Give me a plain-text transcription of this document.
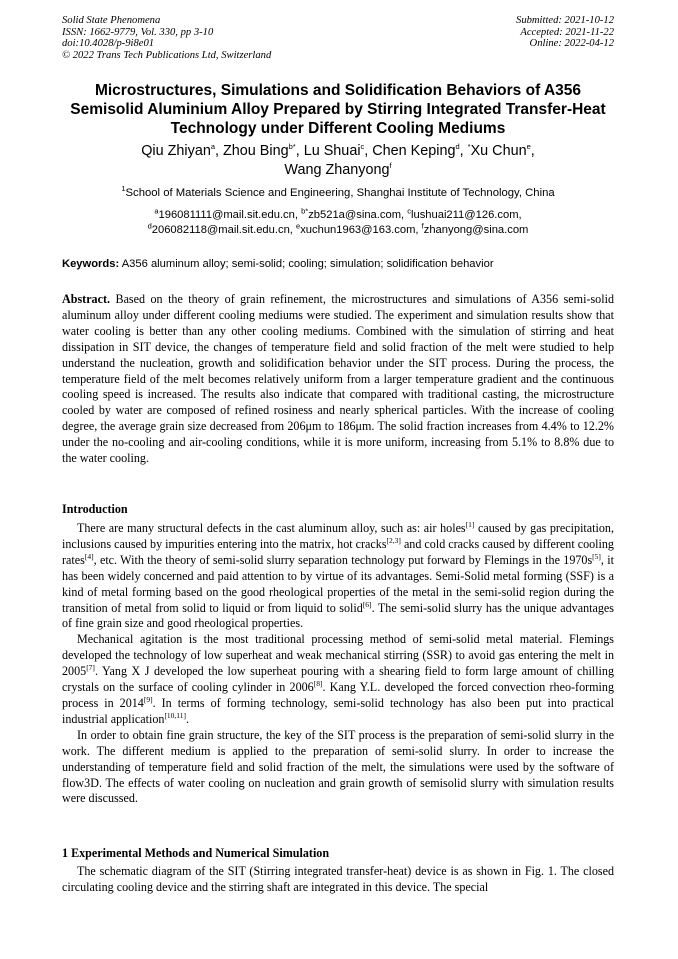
Solid State Phenomena
ISSN: 1662-9779, Vol. 330, pp 3-10
doi:10.4028/p-9i8e01
© 2022 Trans Tech Publications Ltd, Switzerland
Submitted: 2021-10-12
Accepted: 2021-11-22
Online: 2022-04-12
Microstructures, Simulations and Solidification Behaviors of A356
Semisolid Aluminium Alloy Prepared by Stirring Integrated Transfer-Heat
Technology under Different Cooling Mediums
Qiu Zhiyan$^a$, Zhou Bing$^{b*}$, Lu Shuai$^c$, Chen Keping$^d$, *Xu Chun$^e$,
Wang Zhanyong$^f$
$^1$School of Materials Science and Engineering, Shanghai Institute of Technology, China
$^a$196081111@mail.sit.edu.cn, $^{b*}$zb521a@sina.com, $^c$lushuai211@126.com,
$^d$206082118@mail.sit.edu.cn, $^e$xuchun1963@163.com, $^f$zhanyong@sina.com
Keywords: A356 aluminum alloy; semi-solid; cooling; simulation; solidification behavior

Abstract. Based on the theory of grain refinement, the microstructures and simulations of A356 semi-solid aluminum alloy under different cooling mediums were studied. The experiment and simulation results show that water cooling is better than any other cooling mediums. Combined with the simulation of stirring and heat dissipation in SIT device, the changes of temperature field and solid fraction of the melt were studied to help understand the nucleation, growth and solidification behavior under the SIT process. During the process, the temperature field of the melt becomes relatively uniform from a larger temperature gradient and the continuous cooling speed is increased. The results also indicate that compared with traditional casting, the microstructure cooled by water are composed of refined rosiness and nearly spherical particles. With the increase of cooling degree, the average grain size decreased from 206μm to 186μm. The solid fraction increases from 4.4% to 12.2% under the no-cooling and air-cooling conditions, while it is more uniform, increasing from 5.1% to 8.8% due to the water cooling.

Introduction

There are many structural defects in the cast aluminum alloy, such as: air holes[1] caused by gas precipitation, inclusions caused by impurities entering into the matrix, hot cracks[2,3] and cold cracks caused by different cooling rates[4], etc. With the theory of semi-solid slurry separation technology put forward by Flemings in the 1970s[5], it has been widely concerned and paid attention to by virtue of its advantages. Semi-Solid metal forming (SSF) is a kind of metal forming based on the good rheological properties of the metal in the semi-solid region during the transition of metal from solid to liquid or from liquid to solid[6]. The semi-solid slurry has the unique advantages of fine grain size and good rheological properties.

Mechanical agitation is the most traditional processing method of semi-solid metal material. Flemings developed the technology of low superheat and weak mechanical stirring (SSR) to avoid gas entering the melt in 2005[7]. Yang X J developed the low superheat pouring with a shearing field to form large amount of chilling crystals on the surface of cooling cylinder in 2006[8]. Kang Y.L. developed the forced convection rheo-forming process in 2014[9]. In terms of forming technology, semi-solid technology has also been put into practical industrial application[10,11].

In order to obtain fine grain structure, the key of the SIT process is the preparation of semi-solid slurry in the work. The different medium is applied to the preparation of semi-solid slurry. In order to increase the understanding of temperature field and solid fraction of the melt, the simulations were used by the software of flow3D. The effects of water cooling on nucleation and grain growth of semisolid slurry with simulation results were discussed.

1 Experimental Methods and Numerical Simulation

The schematic diagram of the SIT (Stirring integrated transfer-heat) device is as shown in Fig. 1. The closed circulating cooling device and the stirring shaft are integrated in this device. The special
